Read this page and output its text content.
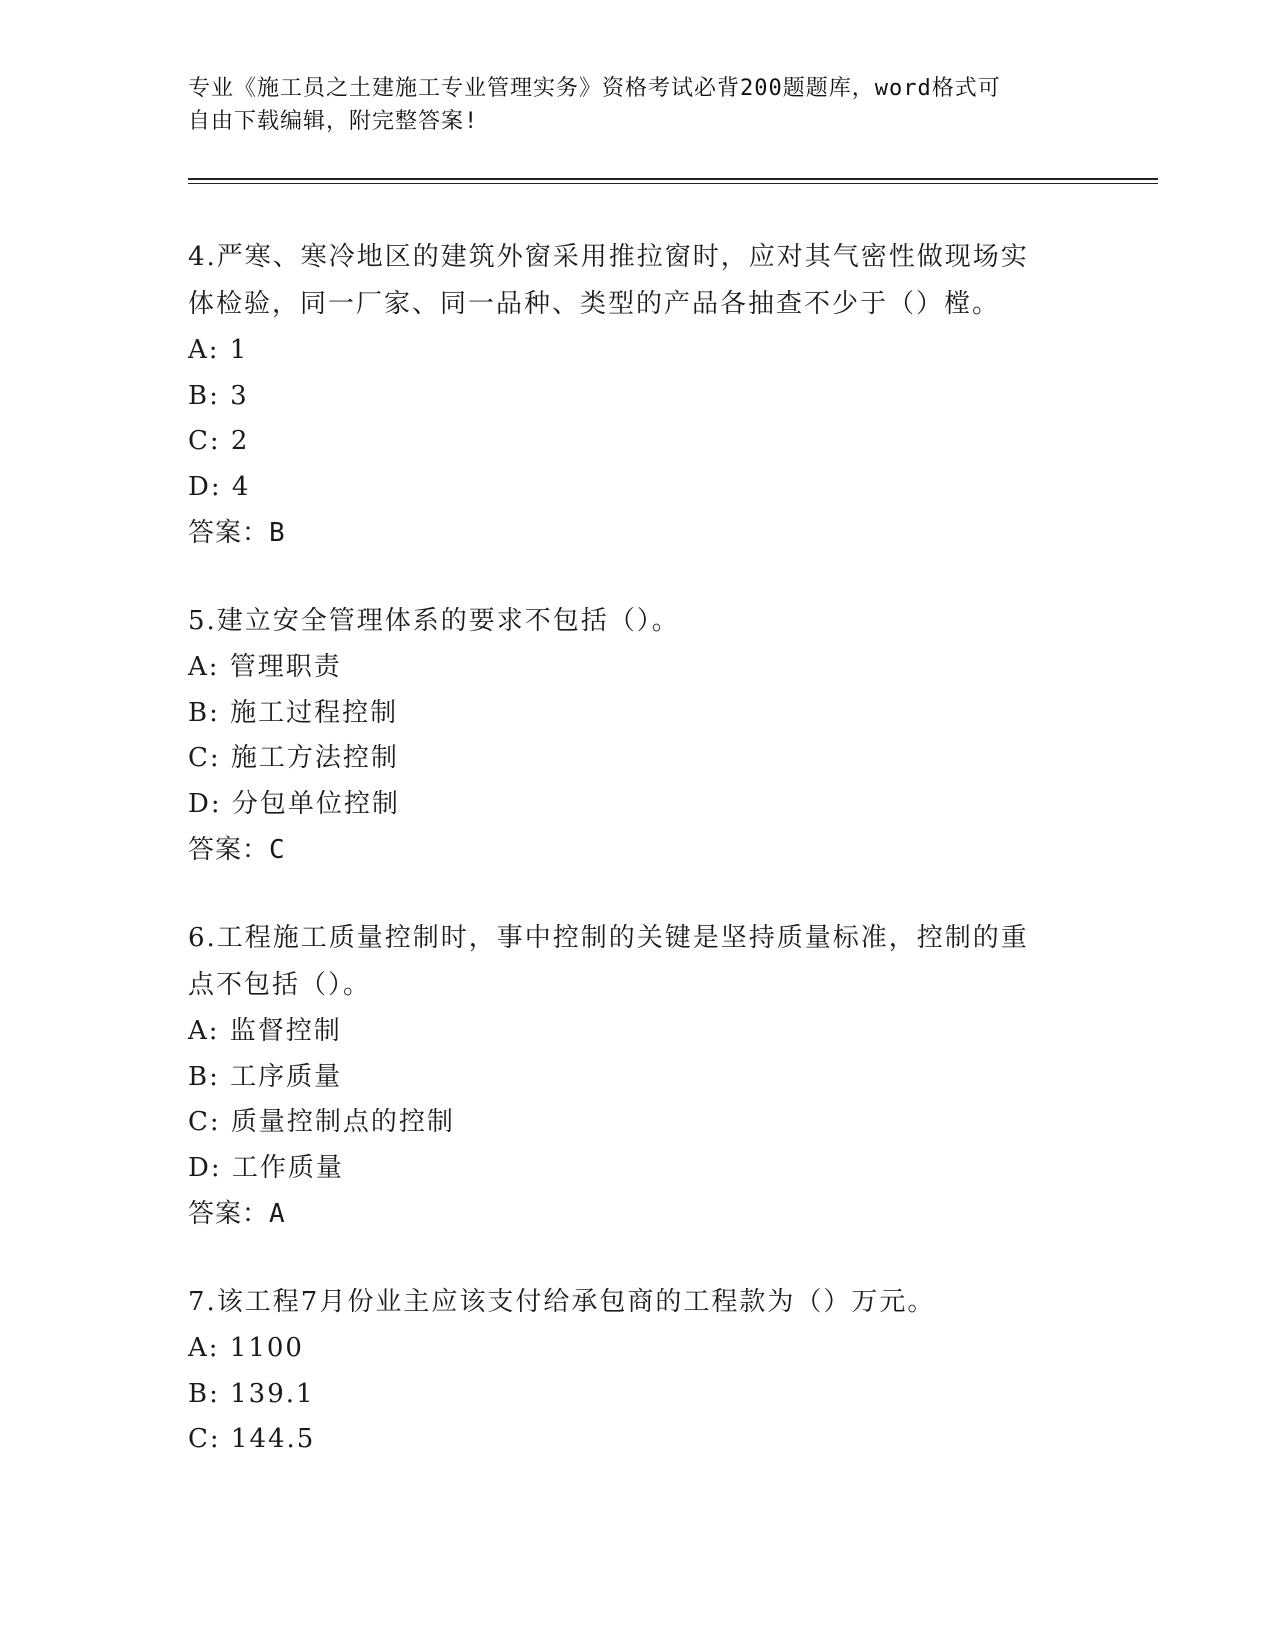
专业《施工员之土建施工专业管理实务》资格考试必背200题题库，word格式可
自由下载编辑，附完整答案!

4.严寒、寒冷地区的建筑外窗采用推拉窗时，应对其气密性做现场实
体检验，同一厂家、同一品种、类型的产品各抽查不少于（）樘。

A: 1

B: 3

C: 2

D: 4

答案：B

5.建立安全管理体系的要求不包括（）。

A: 管理职责

B: 施工过程控制

C: 施工方法控制

D: 分包单位控制

答案：C

6.工程施工质量控制时，事中控制的关键是坚持质量标准，控制的重
点不包括（）。

A: 监督控制

B: 工序质量

C: 质量控制点的控制

D: 工作质量

答案：A

7.该工程7月份业主应该支付给承包商的工程款为（）万元。

A: 1100

B: 139.1

C: 144.5
